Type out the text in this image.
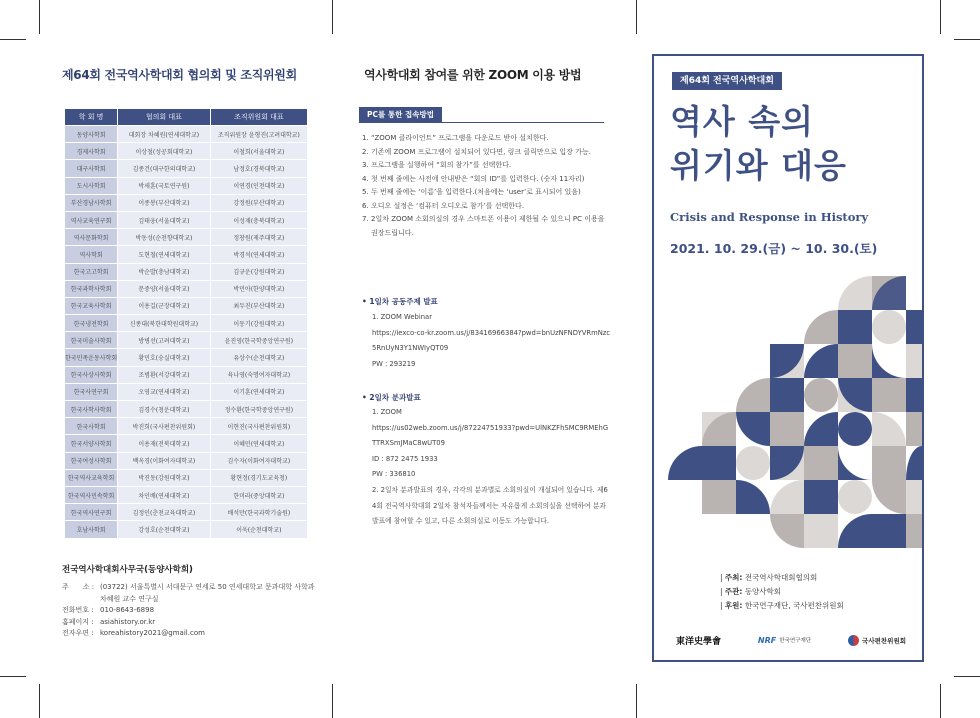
제64회 전국역사학대회 협의회 및 조직위원회
학 회 명	협의회 대표	조직위원회 대표
동양사학회	대회장 차혜원(연세대학교)	조직위원장 윤형진(고려대학교)
경제사학회	이상철(성공회대학교)	이철희(서울대학교)
대구사학회	김종건(대구한의대학교)	남정호(경북대학교)
도시사학회	박세훈(국토연구원)	이연경(인천대학교)
부산경남사학회	이종봉(부산대학교)	강정원(부산대학교)
역사교육연구회	김태웅(서울대학교)	이성재(충북대학교)
역사문화학회	박동성(순천향대학교)	정창원(제주대학교)
역사학회	도현철(연세대학교)	박경석(연세대학교)
한국고고학회	박순발(충남대학교)	김규운(강원대학교)
한국과학사학회	문중양(서울대학교)	박민아(한양대학교)
한국교육사학회	이용길(군장대학교)	최두진(부산대학교)
한국냉전학회	신종대(북한대학원대학교)	이동기(강원대학교)
한국미술사학회	방병선(고려대학교)	윤진영(한국학중앙연구원)
한국민족운동사학회	황민호(숭실대학교)	유상수(순천대학교)
한국사상사학회	조범환(서강대학교)	육나영(숙명여자대학교)
한국사연구회	오영교(연세대학교)	이기훈(연세대학교)
한국사학사학회	김경수(청운대학교)	정수환(한국학중앙연구원)
한국사학회	박진희(국사편찬위원회)	이현진(국사편찬위원회)
한국서양사학회	이용재(전북대학교)	이혜민(연세대학교)
한국여성사학회	백옥경(이화여자대학교)	김수자(이화여자대학교)
한국역사교육학회	박진동(강원대학교)	황현정(경기도교육청)
한국역사민속학회	차인배(연세대학교)	한미라(중앙대학교)
한국역사연구회	김정인(춘천교육대학교)	배석만(한국과학기술원)
호남사학회	강성호(순천대학교)	이욱(순천대학교)
전국역사학대회사무국(동양사학회)
주　　소 : (03722) 서울특별시 서대문구 연세로 50 연세대학교 문과대학 사학과 차혜원 교수 연구실
전화번호 : 010-8643-6898
홈페이지 : asiahistory.or.kr
전자우편 : koreahistory2021@gmail.com
역사학대회 참여를 위한 ZOOM 이용 방법
PC를 통한 접속방법
1. “ZOOM 클라이언트” 프로그램을 다운로드 받아 설치한다.
2. 기존에 ZOOM 프로그램이 설치되어 있다면, 링크 클릭만으로 입장 가능.
3. 프로그램을 실행하여 “회의 참가”를 선택한다.
4. 첫 번째 줄에는 사전에 안내받은 “회의 ID”를 입력한다. (숫자 11자리)
5. 두 번째 줄에는 ‘이름’을 입력한다.(처음에는 ‘user’로 표시되어 있음)
6. 오디오 설정은 ‘컴퓨터 오디오로 참가’를 선택한다.
7. 2일차 ZOOM 소회의실의 경우 스마트폰 이용이 제한될 수 있으니 PC 이용을 권장드립니다.
• 1일차 공동주제 발표
1. ZOOM Webinar
https://iexco-co-kr.zoom.us/j/83416966384?pwd=bnUzNFNDYVRmNzc5RnUyN3Y1NWIyQT09
PW : 293219
• 2일차 분과발표
1. ZOOM
https://us02web.zoom.us/j/87224751933?pwd=UlNKZFhSMC9RMEhGTTRXSmJMaC8wUT09
ID : 872 2475 1933
PW : 336810
2. 2일차 분과발표의 경우, 각각의 분과별로 소회의실이 개설되어 있습니다. 제64회 전국역사학대회 2일차 참석자들께서는 자유롭게 소회의실을 선택하여 분과발표에 참여할 수 있고, 다른 소회의실로 이동도 가능합니다.
제64회 전국역사학대회
역사 속의
위기와 대응
Crisis and Response in History
2021. 10. 29.(금) ~ 10. 30.(토)
| 주최: 전국역사학대회협의회
| 주관: 동양사학회
| 후원: 한국연구재단, 국사편찬위원회
東洋史學會	NRF 한국연구재단	국사편찬위원회
